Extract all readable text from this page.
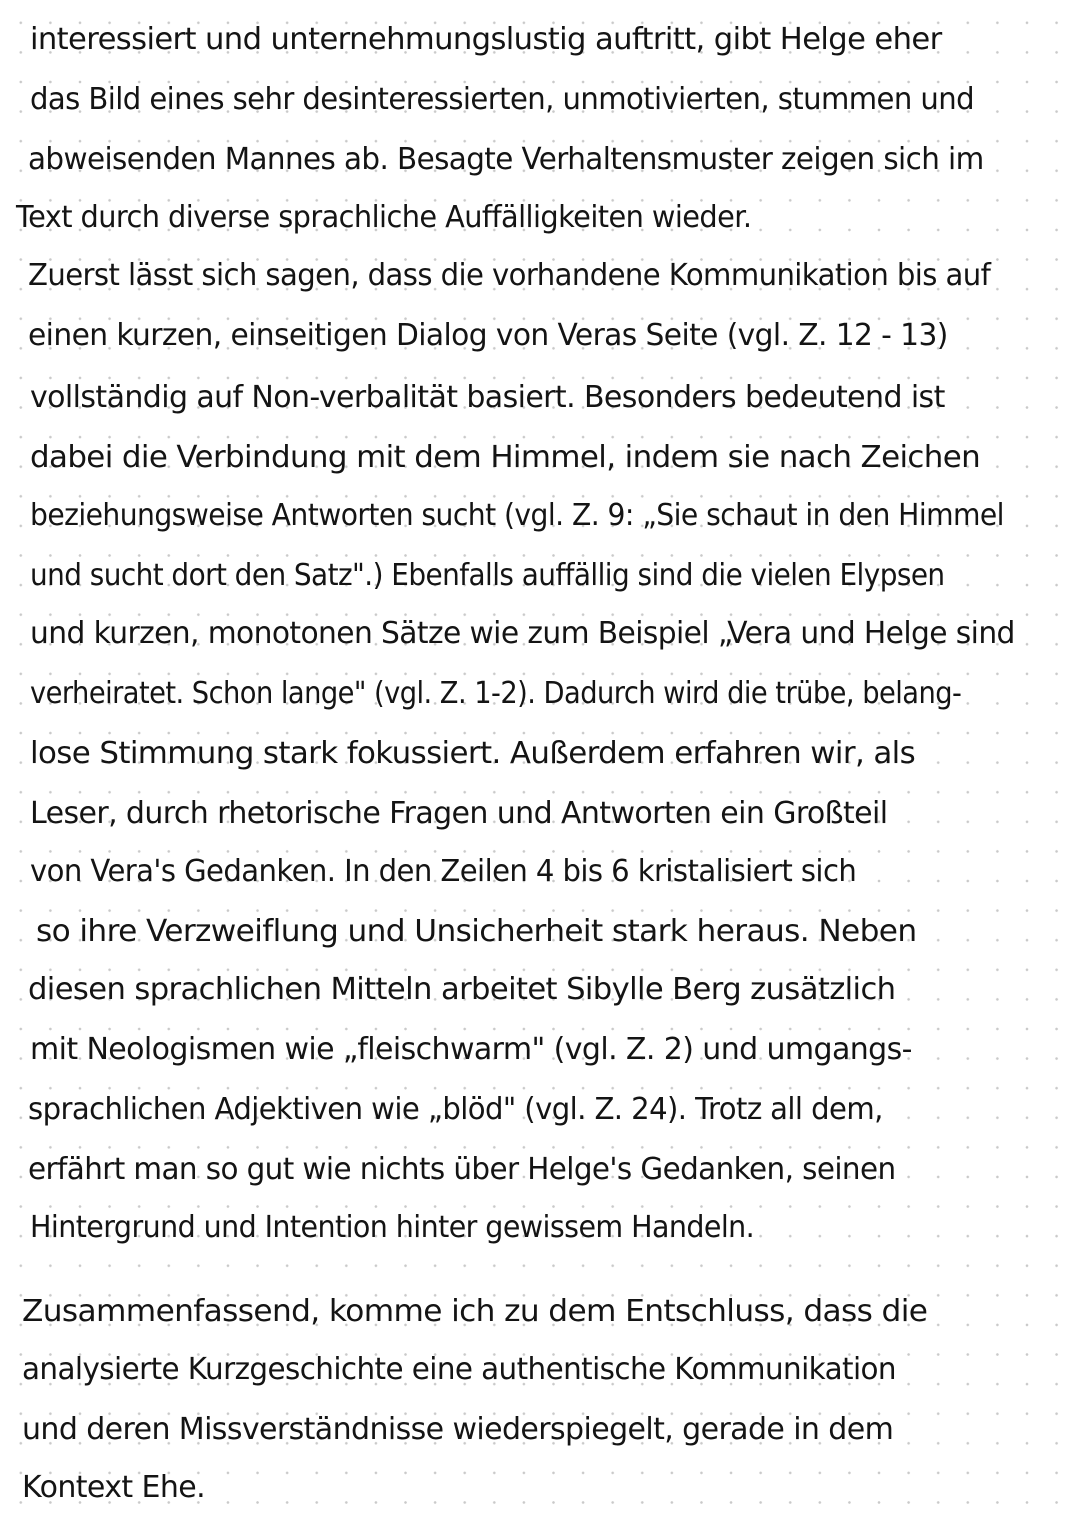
interessiert und unternehmungslustig auftritt, gibt Helge eher
das Bild eines sehr desinteressierten, unmotivierten, stummen und
abweisenden Mannes ab. Besagte Verhaltensmuster zeigen sich im
Text durch diverse sprachliche Auffälligkeiten wieder.
Zuerst lässt sich sagen, dass die vorhandene Kommunikation bis auf
einen kurzen, einseitigen Dialog von Veras Seite (vgl. Z. 12 - 13)
vollständig auf Non-verbalität basiert. Besonders bedeutend ist
dabei die Verbindung mit dem Himmel, indem sie nach Zeichen
beziehungsweise Antworten sucht (vgl. Z. 9: „Sie schaut in den Himmel
und sucht dort den Satz".) Ebenfalls auffällig sind die vielen Elypsen
und kurzen, monotonen Sätze wie zum Beispiel „Vera und Helge sind
verheiratet. Schon lange" (vgl. Z. 1-2). Dadurch wird die trübe, belang-
lose Stimmung stark fokussiert. Außerdem erfahren wir, als
Leser, durch rhetorische Fragen und Antworten ein Großteil
von Vera's Gedanken. In den Zeilen 4 bis 6 kristalisiert sich
so ihre Verzweiflung und Unsicherheit stark heraus. Neben
diesen sprachlichen Mitteln arbeitet Sibylle Berg zusätzlich
mit Neologismen wie „fleischwarm" (vgl. Z. 2) und umgangs-
sprachlichen Adjektiven wie „blöd" (vgl. Z. 24). Trotz all dem,
erfährt man so gut wie nichts über Helge's Gedanken, seinen
Hintergrund und Intention hinter gewissem Handeln.
Zusammenfassend, komme ich zu dem Entschluss, dass die
analysierte Kurzgeschichte eine authentische Kommunikation
und deren Missverständnisse wiederspiegelt, gerade in dem
Kontext Ehe.
